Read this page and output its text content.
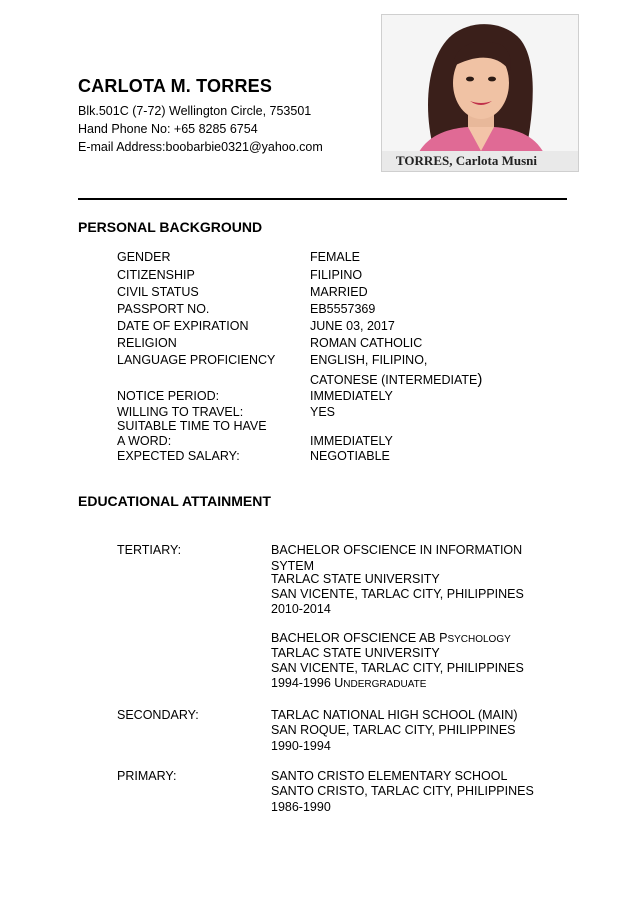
CARLOTA M. TORRES
Blk.501C (7-72) Wellington Circle, 753501
Hand Phone No: +65 8285 6754
E-mail Address:boobarbie0321@yahoo.com
TORRES, Carlota Musni
PERSONAL BACKGROUND
GENDER	FEMALE
CITIZENSHIP	FILIPINO
CIVIL STATUS	MARRIED
PASSPORT NO.	EB5557369
DATE OF EXPIRATION	JUNE 03, 2017
RELIGION	ROMAN CATHOLIC
LANGUAGE PROFICIENCY	ENGLISH, FILIPINO,
CATONESE (INTERMEDIATE)
NOTICE PERIOD:	IMMEDIATELY
WILLING TO TRAVEL:	YES
SUITABLE TIME TO HAVE
A WORD:	IMMEDIATELY
EXPECTED SALARY:	NEGOTIABLE
EDUCATIONAL ATTAINMENT
TERTIARY:	BACHELOR OFSCIENCE IN INFORMATION
SYTEM
TARLAC STATE UNIVERSITY
SAN VICENTE, TARLAC CITY, PHILIPPINES
2010-2014
BACHELOR OFSCIENCE AB PSYCHOLOGY
TARLAC STATE UNIVERSITY
SAN VICENTE, TARLAC CITY, PHILIPPINES
1994-1996 UNDERGRADUATE
SECONDARY:	TARLAC NATIONAL HIGH SCHOOL (MAIN)
SAN ROQUE, TARLAC CITY, PHILIPPINES
1990-1994
PRIMARY:	SANTO CRISTO ELEMENTARY SCHOOL
SANTO CRISTO, TARLAC CITY, PHILIPPINES
1986-1990
